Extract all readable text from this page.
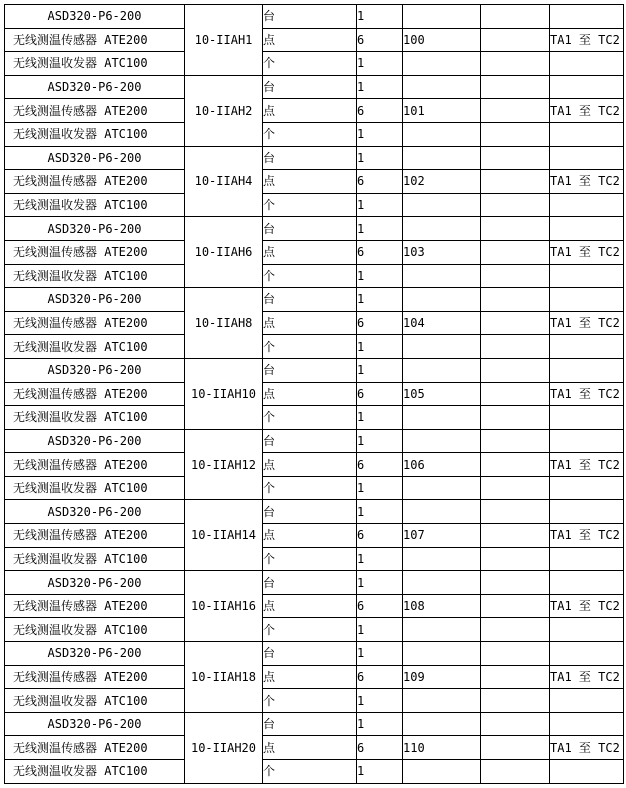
ASD320-P6-200	10-IIAH1	台	1			
无线测温传感器 ATE200		点	6	100		TA1 至 TC2
无线测温收发器 ATC100		个	1			
ASD320-P6-200	10-IIAH2	台	1			
无线测温传感器 ATE200		点	6	101		TA1 至 TC2
无线测温收发器 ATC100		个	1			
ASD320-P6-200	10-IIAH4	台	1			
无线测温传感器 ATE200		点	6	102		TA1 至 TC2
无线测温收发器 ATC100		个	1			
ASD320-P6-200	10-IIAH6	台	1			
无线测温传感器 ATE200		点	6	103		TA1 至 TC2
无线测温收发器 ATC100		个	1			
ASD320-P6-200	10-IIAH8	台	1			
无线测温传感器 ATE200		点	6	104		TA1 至 TC2
无线测温收发器 ATC100		个	1			
ASD320-P6-200	10-IIAH10	台	1			
无线测温传感器 ATE200		点	6	105		TA1 至 TC2
无线测温收发器 ATC100		个	1			
ASD320-P6-200	10-IIAH12	台	1			
无线测温传感器 ATE200		点	6	106		TA1 至 TC2
无线测温收发器 ATC100		个	1			
ASD320-P6-200	10-IIAH14	台	1			
无线测温传感器 ATE200		点	6	107		TA1 至 TC2
无线测温收发器 ATC100		个	1			
ASD320-P6-200	10-IIAH16	台	1			
无线测温传感器 ATE200		点	6	108		TA1 至 TC2
无线测温收发器 ATC100		个	1			
ASD320-P6-200	10-IIAH18	台	1			
无线测温传感器 ATE200		点	6	109		TA1 至 TC2
无线测温收发器 ATC100		个	1			
ASD320-P6-200	10-IIAH20	台	1			
无线测温传感器 ATE200		点	6	110		TA1 至 TC2
无线测温收发器 ATC100		个	1			
